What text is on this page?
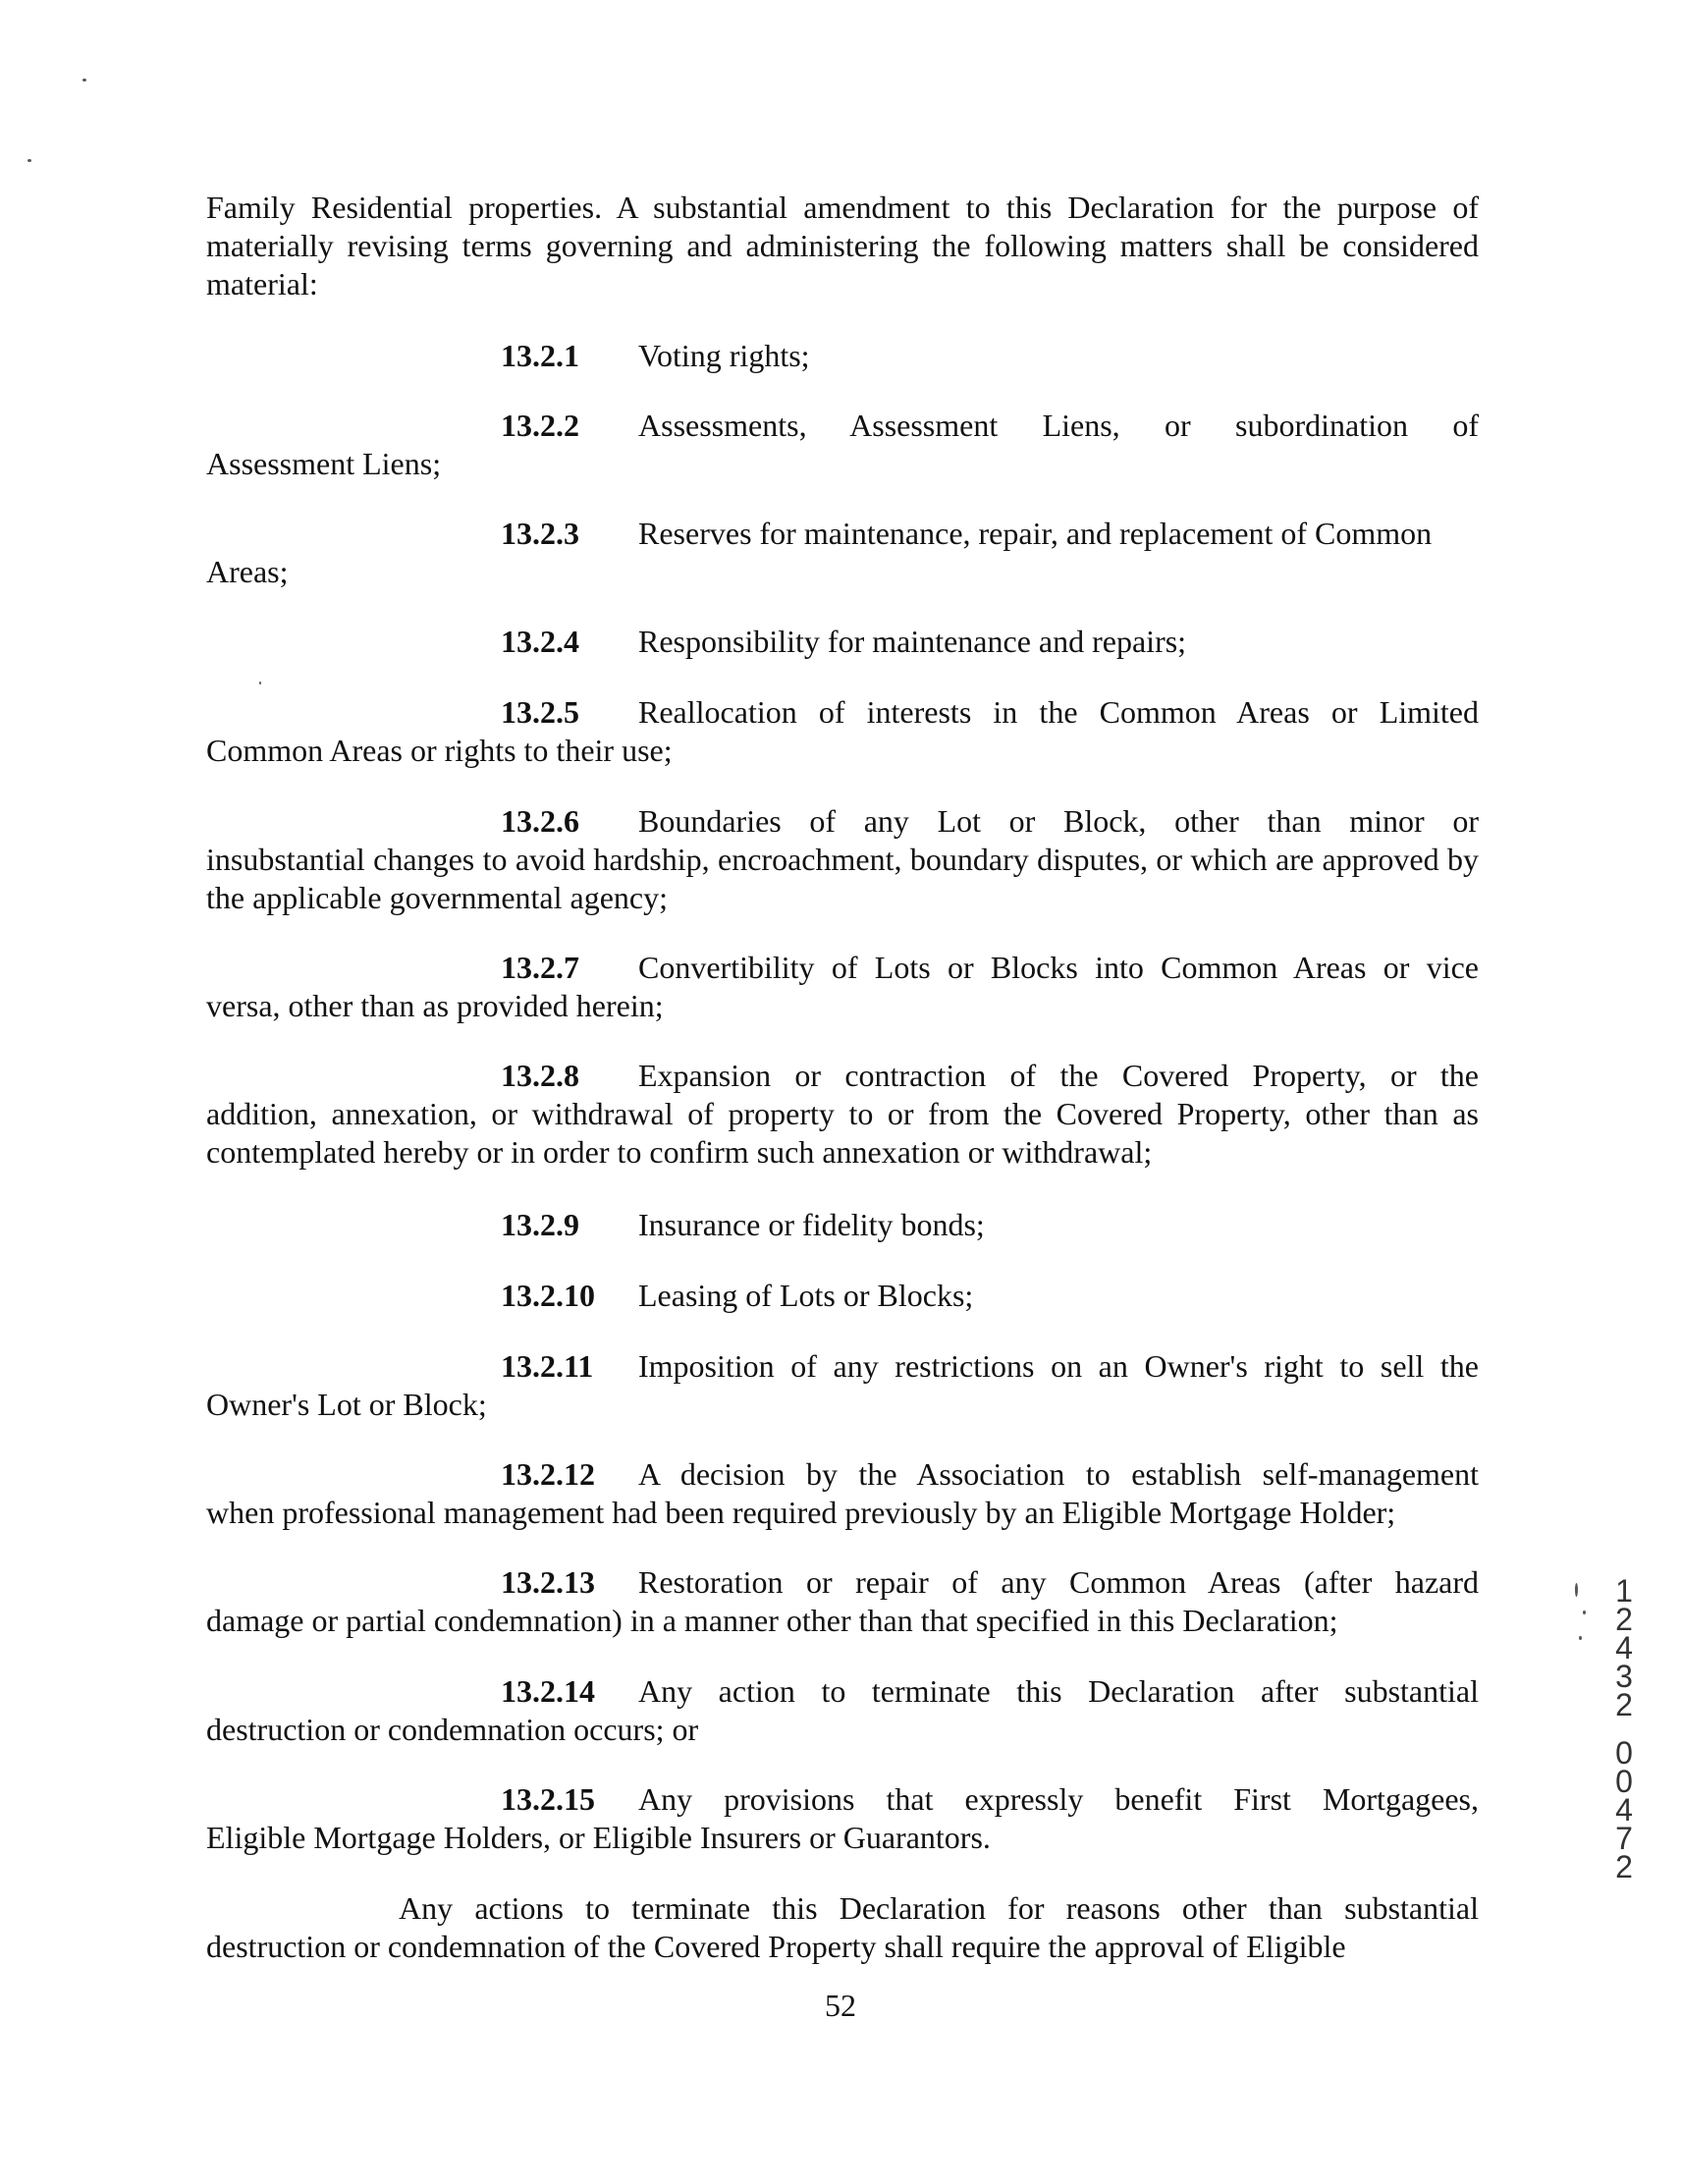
Family Residential properties. A substantial amendment to this Declaration for the purpose of materially revising terms governing and administering the following matters shall be considered material:

13.2.1 Voting rights;
13.2.2 Assessments, Assessment Liens, or subordination of
Assessment Liens;
13.2.3 Reserves for maintenance, repair, and replacement of Common
Areas;
13.2.4 Responsibility for maintenance and repairs;
13.2.5 Reallocation of interests in the Common Areas or Limited
Common Areas or rights to their use;
13.2.6 Boundaries of any Lot or Block, other than minor or
insubstantial changes to avoid hardship, encroachment, boundary disputes, or which are approved by the applicable governmental agency;
13.2.7 Convertibility of Lots or Blocks into Common Areas or vice
versa, other than as provided herein;
13.2.8 Expansion or contraction of the Covered Property, or the
addition, annexation, or withdrawal of property to or from the Covered Property, other than as contemplated hereby or in order to confirm such annexation or withdrawal;
13.2.9 Insurance or fidelity bonds;
13.2.10 Leasing of Lots or Blocks;
13.2.11 Imposition of any restrictions on an Owner's right to sell the
Owner's Lot or Block;
13.2.12 A decision by the Association to establish self-management
when professional management had been required previously by an Eligible Mortgage Holder;
13.2.13 Restoration or repair of any Common Areas (after hazard
damage or partial condemnation) in a manner other than that specified in this Declaration;
13.2.14 Any action to terminate this Declaration after substantial
destruction or condemnation occurs; or
13.2.15 Any provisions that expressly benefit First Mortgagees,
Eligible Mortgage Holders, or Eligible Insurers or Guarantors.

Any actions to terminate this Declaration for reasons other than substantial destruction or condemnation of the Covered Property shall require the approval of Eligible

52
1
2
4
3
2
0
0
4
7
2
